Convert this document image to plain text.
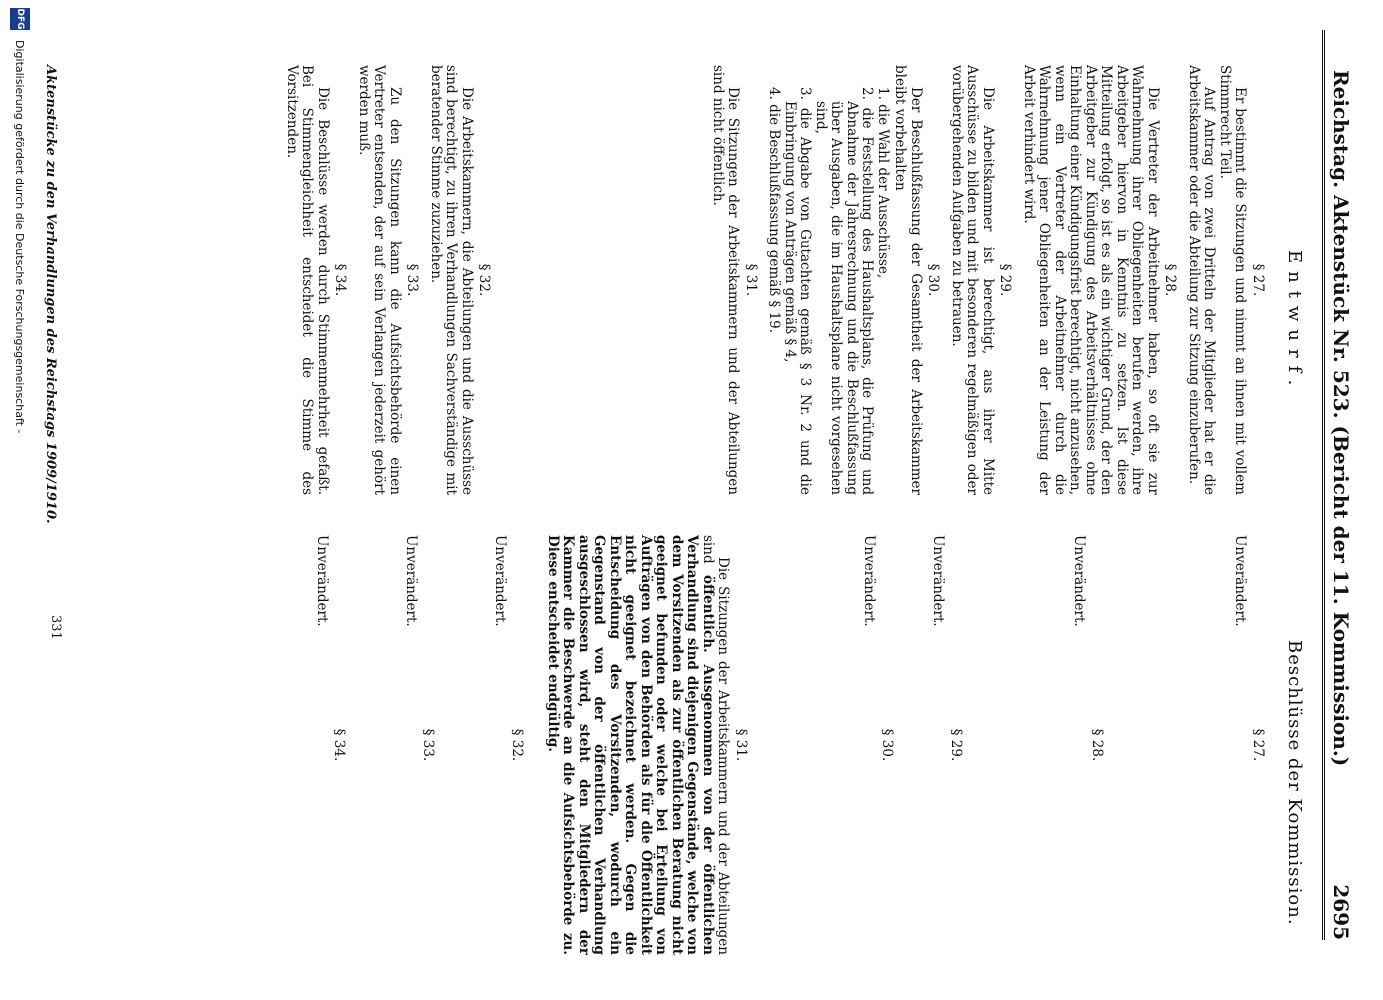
Reichstag. Aktenstück Nr. 523. (Bericht der 11. Kommission.)
2695
Entwurf.
Beschlüsse der Kommission.
§ 27.

Er bestimmt die Sitzungen und nimmt an ihnen mit vollem Stimmrecht Teil.

Auf Antrag von zwei Dritteln der Mitglieder hat er die Arbeitskammer oder die Abteilung zur Sitzung einzuberufen.

§ 28.

Die Vertreter der Arbeitnehmer haben, so oft sie zur Wahrnehmung ihrer Obliegenheiten berufen werden, ihre Arbeitgeber hiervon in Kenntnis zu setzen. Ist diese Mitteilung erfolgt, so ist es als ein wichtiger Grund, der den Arbeitgeber zur Kündigung des Arbeitsverhältnisses ohne Einhaltung einer Kündigungsfrist berechtigt, nicht anzusehen, wenn ein Vertreter der Arbeitnehmer durch die Wahrnehmung jener Obliegenheiten an der Leistung der Arbeit verhindert wird.

§ 29.

Die Arbeitskammer ist berechtigt, aus ihrer Mitte Ausschüsse zu bilden und mit besonderen regelmäßigen oder vorübergehenden Aufgaben zu betrauen.

§ 30.

Der Beschlußfassung der Gesamtheit der Arbeitskammer bleibt vorbehalten

1. die Wahl der Ausschüsse,
2. die Feststellung des Haushaltsplans, die Prüfung und Abnahme der Jahresrechnung und die Beschlußfassung über Ausgaben, die im Haushaltsplane nicht vorgesehen sind,
3. die Abgabe von Gutachten gemäß § 3 Nr. 2 und die Einbringung von Anträgen gemäß § 4,
4. die Beschlußfassung gemäß § 19.
§ 31.

Die Sitzungen der Arbeitskammern und der Abteilungen sind nicht öffentlich.

§ 32.

Die Arbeitskammern, die Abteilungen und die Ausschüsse sind berechtigt, zu ihren Verhandlungen Sachverständige mit beratender Stimme zuzuziehen.

§ 33.

Zu den Sitzungen kann die Aufsichtsbehörde einen Vertreter entsenden, der auf sein Verlangen jederzeit gehört werden muß.

§ 34.

Die Beschlüsse werden durch Stimmenmehrheit gefaßt. Bei Stimmengleichheit entscheidet die Stimme des Vorsitzenden.

§ 27.

Unverändert.

§ 28.

Unverändert.

§ 29.

Unverändert.

§ 30.

Unverändert.

§ 31.

Die Sitzungen der Arbeitskammern und der Abteilungen sind öffentlich. Ausgenommen von der öffentlichen Verhandlung sind diejenigen Gegenstände, welche von dem Vorsitzenden als zur öffentlichen Beratung nicht geeignet befunden oder welche bei Erteilung von Aufträgen von den Behörden als für die Öffentlichkeit nicht geeignet bezeichnet werden. Gegen die Entscheidung des Vorsitzenden, wodurch ein Gegenstand von der öffentlichen Verhandlung ausgeschlossen wird, steht den Mitgliedern der Kammer die Beschwerde an die Aufsichtsbehörde zu. Diese entscheidet endgültig.

§ 32.

Unverändert.

§ 33.

Unverändert.

§ 34.

Unverändert.

Aktenstücke zu den Verhandlungen des Reichstags 1909/1910.
331
DFG
Digitalisierung gefördert durch die Deutsche Forschungsgemeinschaft -
